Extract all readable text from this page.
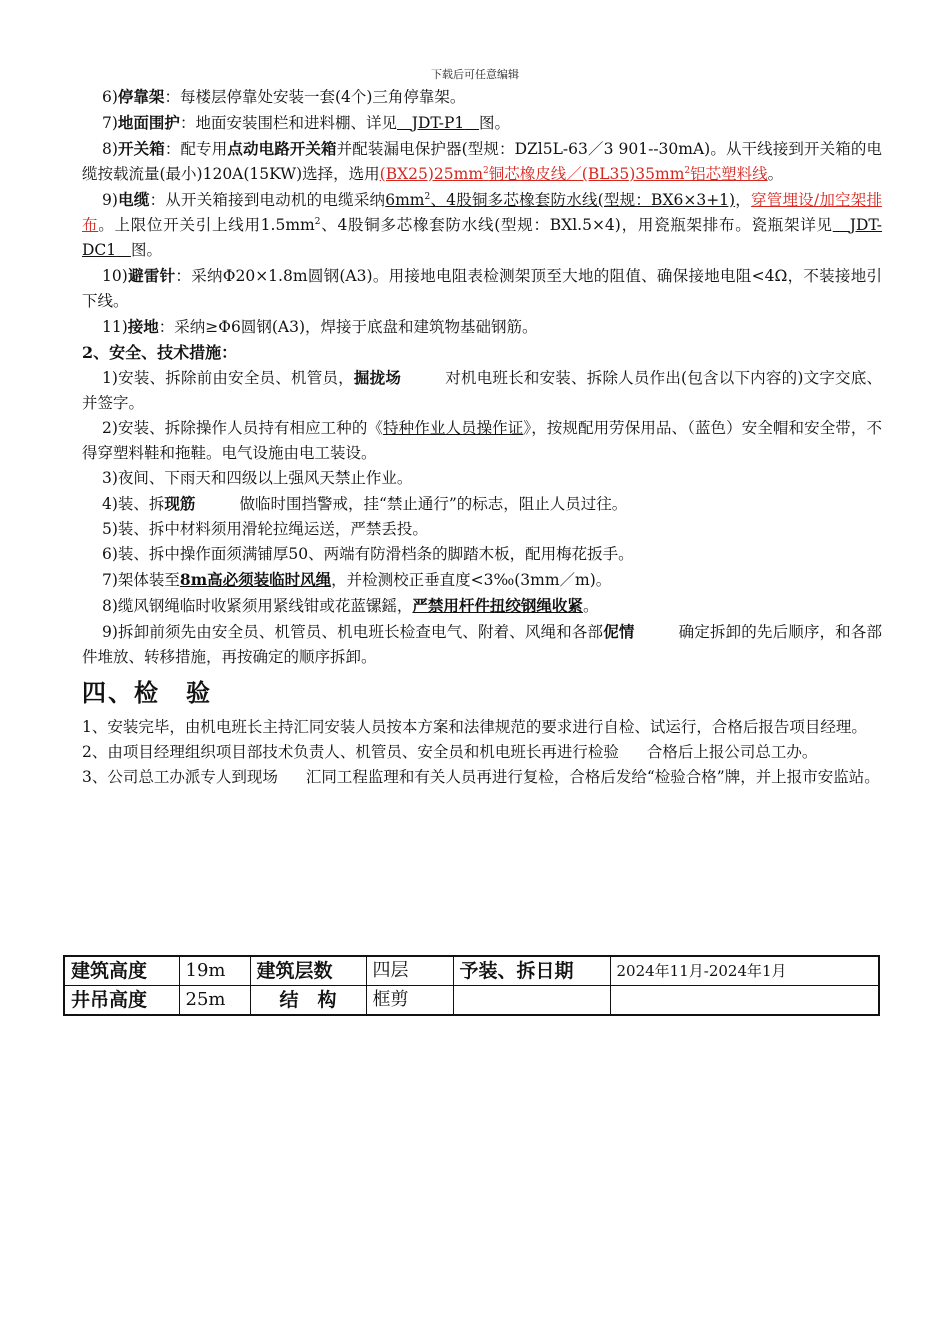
下载后可任意编辑

6)停靠架：每楼层停靠处安装一套(4个)三角停靠架。

7)地面围护：地面安装围栏和进料棚、详见 JDT-P1 图。

8)开关箱：配专用点动电路开关箱并配装漏电保护器(型规：DZl5L-63／3 901--30mA)。从干线接到开关箱的电缆按载流量(最小)120A(15KW)选择，选用$(BX25)25mm^2$铜芯橡皮线$/(BL35)35mm^2$铝芯塑料线。

9)电缆：从开关箱接到电动机的电缆采纳$6mm^2$、4股铜多芯橡套防水线(型规：BX6×3+1)，穿管埋设/加空架排布。上限位开关引上线用$1.5mm^2$、4股铜多芯橡套防水线(型规：BXl.5×4)，用瓷瓶架排布。瓷瓶架详见 JDT-DC1 图。

10)避雷针：采纳Φ20×1.8m圆钢(A3)。用接地电阻表检测架顶至大地的阻值、确保接地电阻<4Ω，不装接地引下线。

11)接地：采纳≥Φ6圆钢(A3)，焊接于底盘和建筑物基础钢筋。

2、安全、技术措施：

1)安装、拆除前由安全员、机管员，掘拢场	对机电班长和安装、拆除人员作出(包含以下内容的)文字交底、并签字。

2)安装、拆除操作人员持有相应工种的《特种作业人员操作证》，按规配用劳保用品、（蓝色）安全帽和安全带，不得穿塑料鞋和拖鞋。电气设施由电工装设。

3)夜间、下雨天和四级以上强风天禁止作业。

4)装、拆现筋	做临时围挡警戒，挂“禁止通行”的标志，阻止人员过往。

5)装、拆中材料须用滑轮拉绳运送，严禁丢投。

6)装、拆中操作面须满铺厚50、两端有防滑档条的脚踏木板，配用梅花扳手。

7)架体装至8m高必须装临时风绳，并检测校正垂直度<3‰(3mm／m)。

8)缆风钢绳临时收紧须用紧线钳或花蓝镙鎐，严禁用杆件扭绞钢绳收紧。

9)拆卸前须先由安全员、机管员、机电班长检查电气、附着、风绳和各部伲情	确定拆卸的先后顺序，和各部件堆放、转移措施，再按确定的顺序拆卸。

四、检　验

1、安装完毕，由机电班长主持汇同安装人员按本方案和法律规范的要求进行自检、试运行，合格后报告项目经理。

2、由项目经理组织项目部技术负责人、机管员、安全员和机电班长再进行检验 合格后上报公司总工办。

3、公司总工办派专人到现场 汇同工程监理和有关人员再进行复检，合格后发给“检验合格”牌，并上报市安监站。

建筑高度	19m	建筑层数	四层	予装、拆日期	2024年11月-2024年1月
井吊高度	25m	结　构	框剪		
